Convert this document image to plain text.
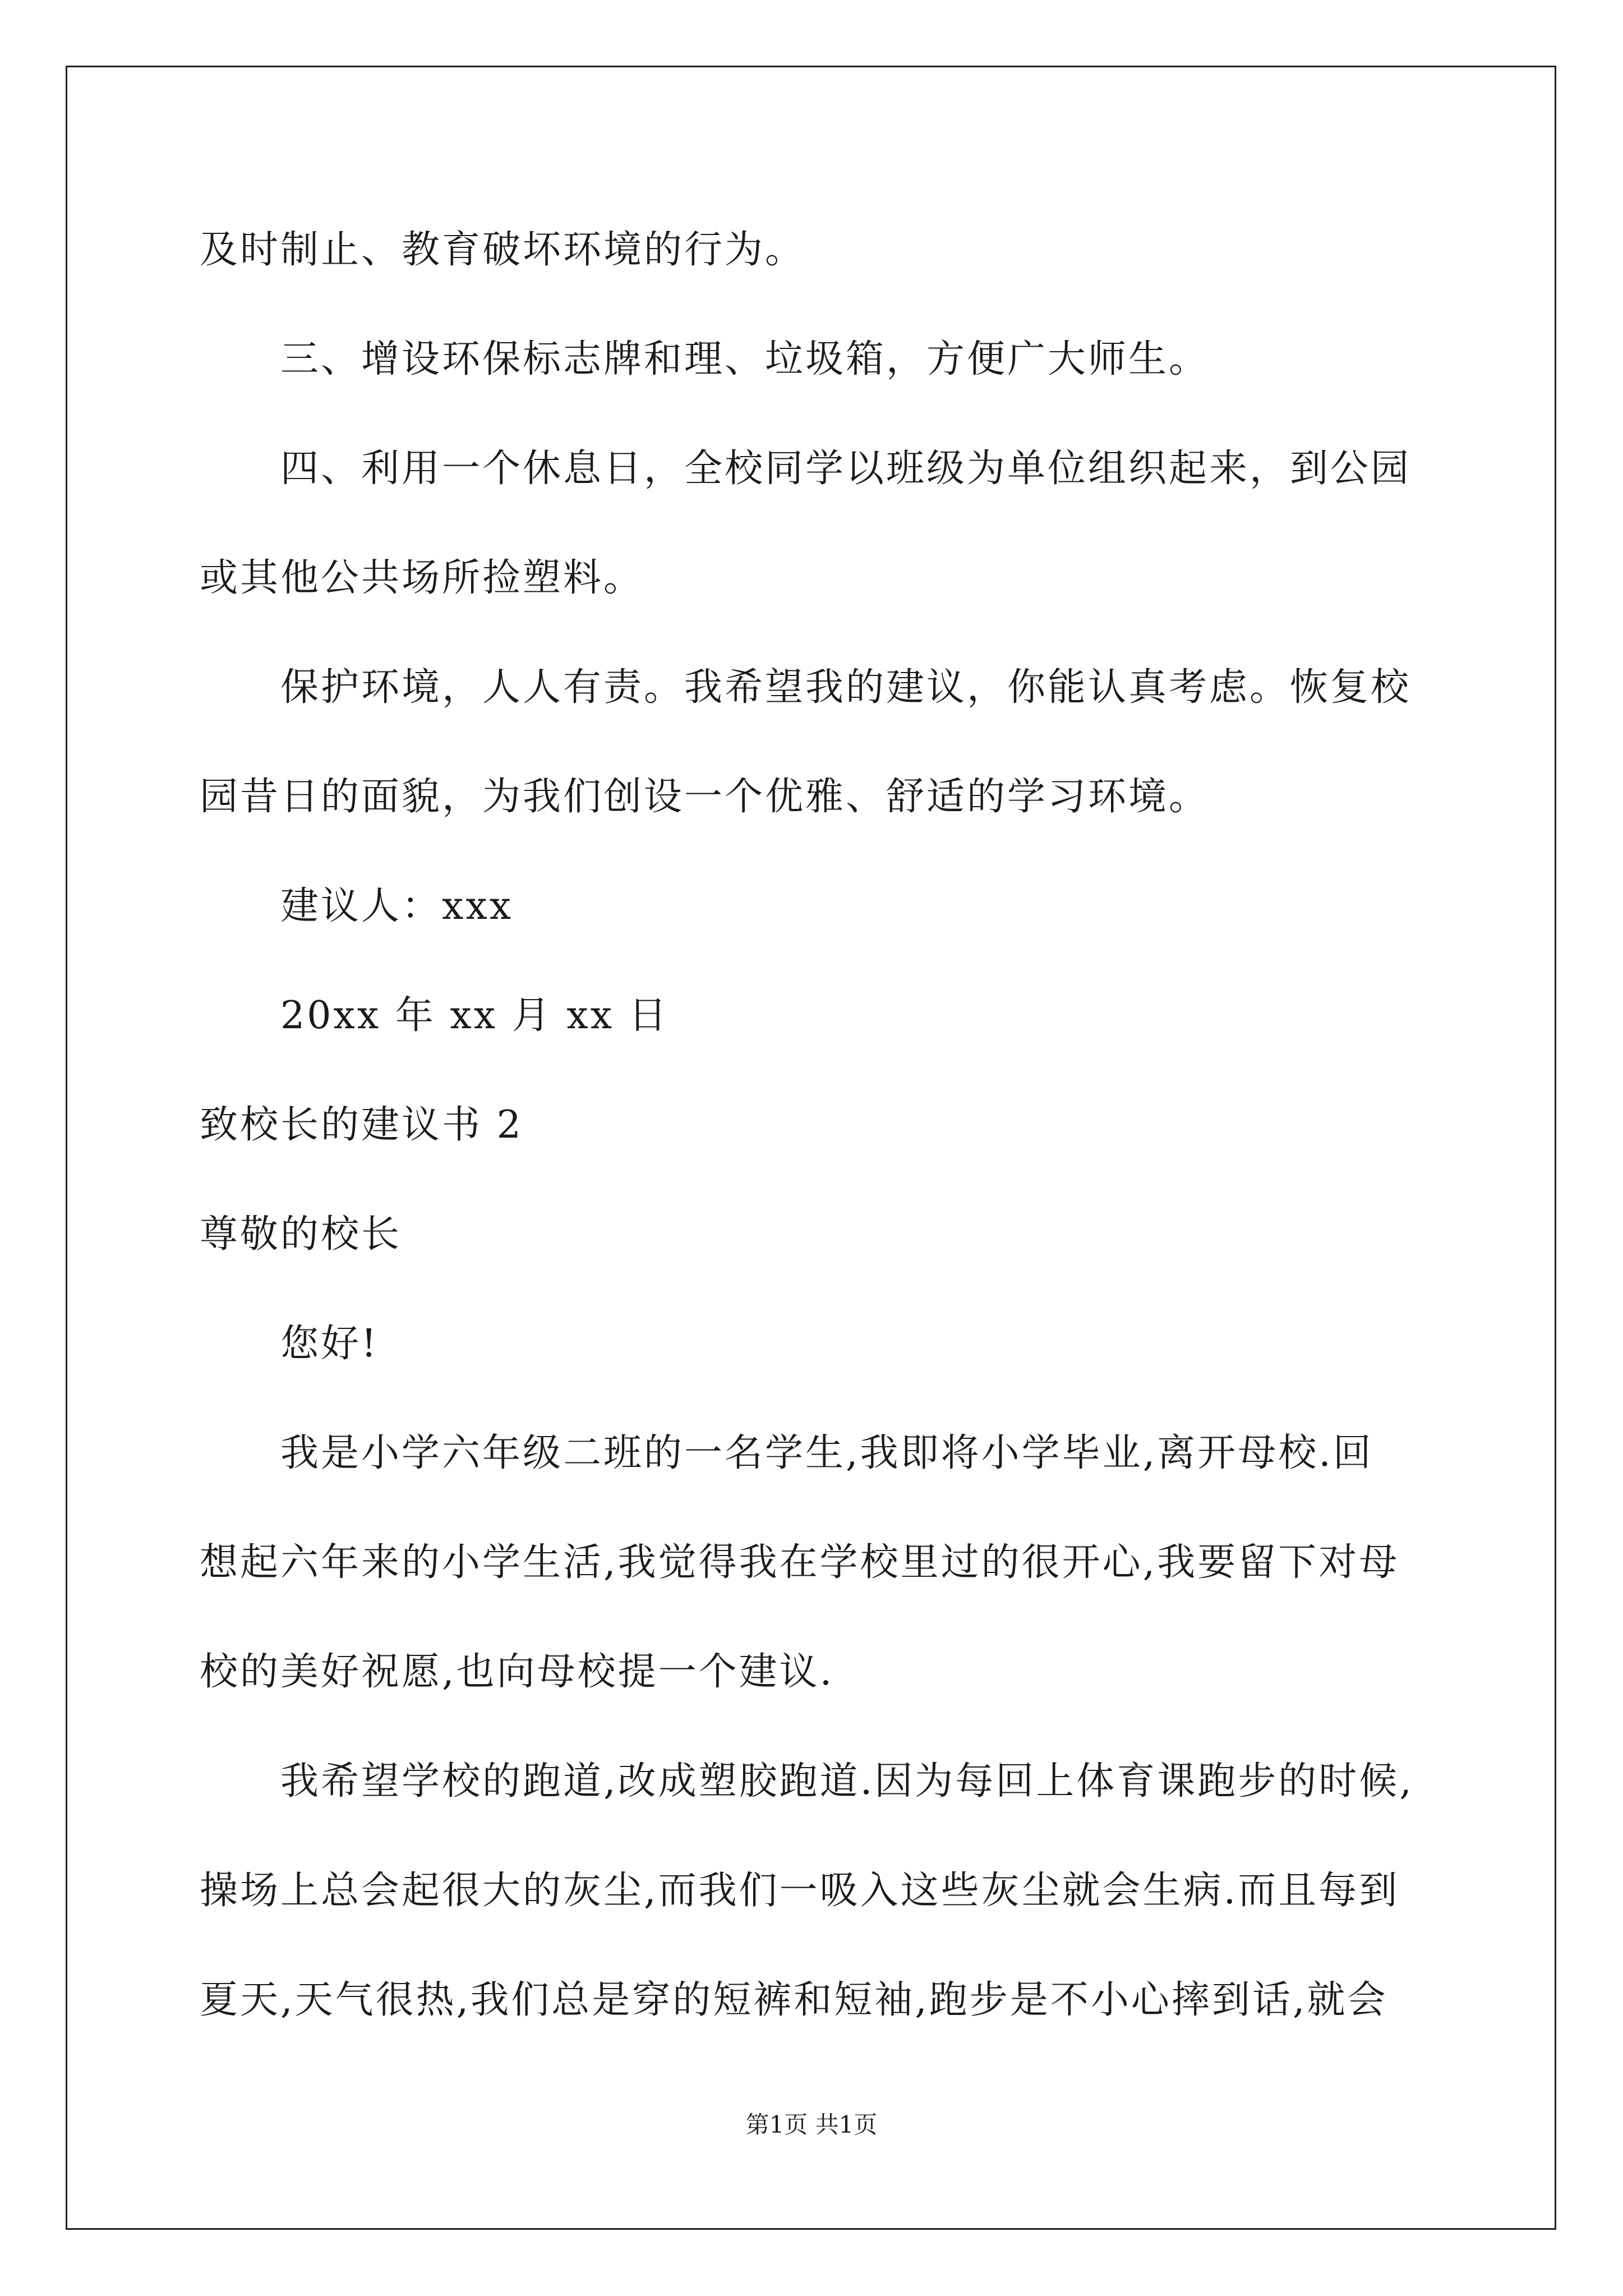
及时制止、教育破坏环境的行为。
三、增设环保标志牌和理、垃圾箱，方便广大师生。
四、利用一个休息日，全校同学以班级为单位组织起来，到公园
或其他公共场所捡塑料。
保护环境，人人有责。我希望我的建议，你能认真考虑。恢复校
园昔日的面貌，为我们创设一个优雅、舒适的学习环境。
建议人：xxx
20xx 年 xx 月 xx 日
致校长的建议书 2
尊敬的校长
您好!
我是小学六年级二班的一名学生,我即将小学毕业,离开母校.回
想起六年来的小学生活,我觉得我在学校里过的很开心,我要留下对母
校的美好祝愿,也向母校提一个建议.
我希望学校的跑道,改成塑胶跑道.因为每回上体育课跑步的时候,
操场上总会起很大的灰尘,而我们一吸入这些灰尘就会生病.而且每到
夏天,天气很热,我们总是穿的短裤和短袖,跑步是不小心摔到话,就会
第1页 共1页
